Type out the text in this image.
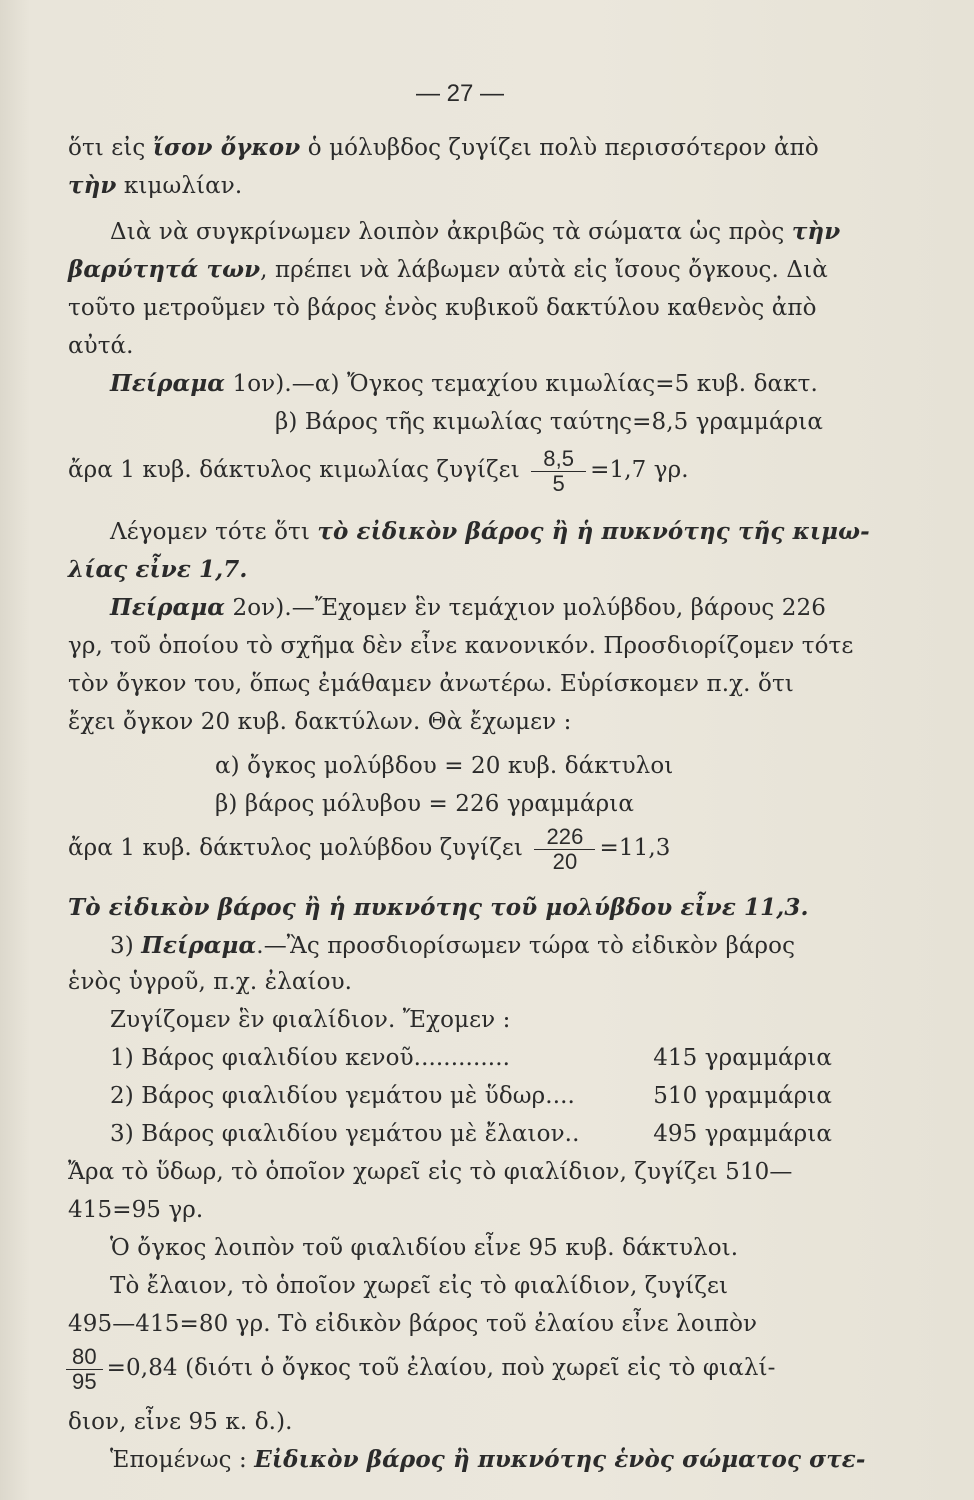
— 27 —
ὅτι εἰς ἴσον ὄγκον ὁ μόλυβδος ζυγίζει πολὺ περισσότερον ἀπὸ
τὴν κιμωλίαν.
Διὰ νὰ συγκρίνωμεν λοιπὸν ἀκριβῶς τὰ σώματα ὡς πρὸς τὴν
βαρύτητά των, πρέπει νὰ λάβωμεν αὐτὰ εἰς ἴσους ὄγκους. Διὰ
τοῦτο μετροῦμεν τὸ βάρος ἑνὸς κυβικοῦ δακτύλου καθενὸς ἀπὸ
αὐτά.
Πείραμα 1ον).—α) Ὄγκος τεμαχίου κιμωλίας=5 κυβ. δακτ.
β) Βάρος τῆς κιμωλίας ταύτης=8,5 γραμμάρια
ἄρα 1 κυβ. δάκτυλος κιμωλίας ζυγίζει $\frac{8,5}{5} =1,7$ γρ.
Λέγομεν τότε ὅτι τὸ εἰδικὸν βάρος ἢ ἡ πυκνότης τῆς κιμω-
λίας εἶνε 1,7.
Πείραμα 2ον).—Ἔχομεν ἓν τεμάχιον μολύβδου, βάρους 226
γρ, τοῦ ὁποίου τὸ σχῆμα δὲν εἶνε κανονικόν. Προσδιορίζομεν τότε
τὸν ὄγκον του, ὅπως ἐμάθαμεν ἀνωτέρω. Εὑρίσκομεν π.χ. ὅτι
ἔχει ὄγκον 20 κυβ. δακτύλων. Θὰ ἔχωμεν :
α) ὄγκος μολύβδου = 20 κυβ. δάκτυλοι
β) βάρος μόλυβου = 226 γραμμάρια
ἄρα 1 κυβ. δάκτυλος μολύβδου ζυγίζει $\frac{226}{20} =11,3$
Τὸ εἰδικὸν βάρος ἢ ἡ πυκνότης τοῦ μολύβδου εἶνε 11,3.
3) Πείραμα.—Ἂς προσδιορίσωμεν τώρα τὸ εἰδικὸν βάρος
ἑνὸς ὑγροῦ, π.χ. ἐλαίου.
Ζυγίζομεν ἓν φιαλίδιον. Ἔχομεν :
1) Βάρος φιαλιδίου κενοῦ.............	415 γραμμάρια
2) Βάρος φιαλιδίου γεμάτου μὲ ὕδωρ....	510 γραμμάρια
3) Βάρος φιαλιδίου γεμάτου μὲ ἔλαιον..	495 γραμμάρια
Ἄρα τὸ ὕδωρ, τὸ ὁποῖον χωρεῖ εἰς τὸ φιαλίδιον, ζυγίζει 510—
415=95 γρ.
Ὁ ὄγκος λοιπὸν τοῦ φιαλιδίου εἶνε 95 κυβ. δάκτυλοι.
Τὸ ἔλαιον, τὸ ὁποῖον χωρεῖ εἰς τὸ φιαλίδιον, ζυγίζει
495—415=80 γρ. Τὸ εἰδικὸν βάρος τοῦ ἐλαίου εἶνε λοιπὸν
$\frac{80}{95} =0,84$ (διότι ὁ ὄγκος τοῦ ἐλαίου, ποὺ χωρεῖ εἰς τὸ φιαλί-
διον, εἶνε 95 κ. δ.).
Ἑπομένως : Εἰδικὸν βάρος ἢ πυκνότης ἑνὸς σώματος στε-
